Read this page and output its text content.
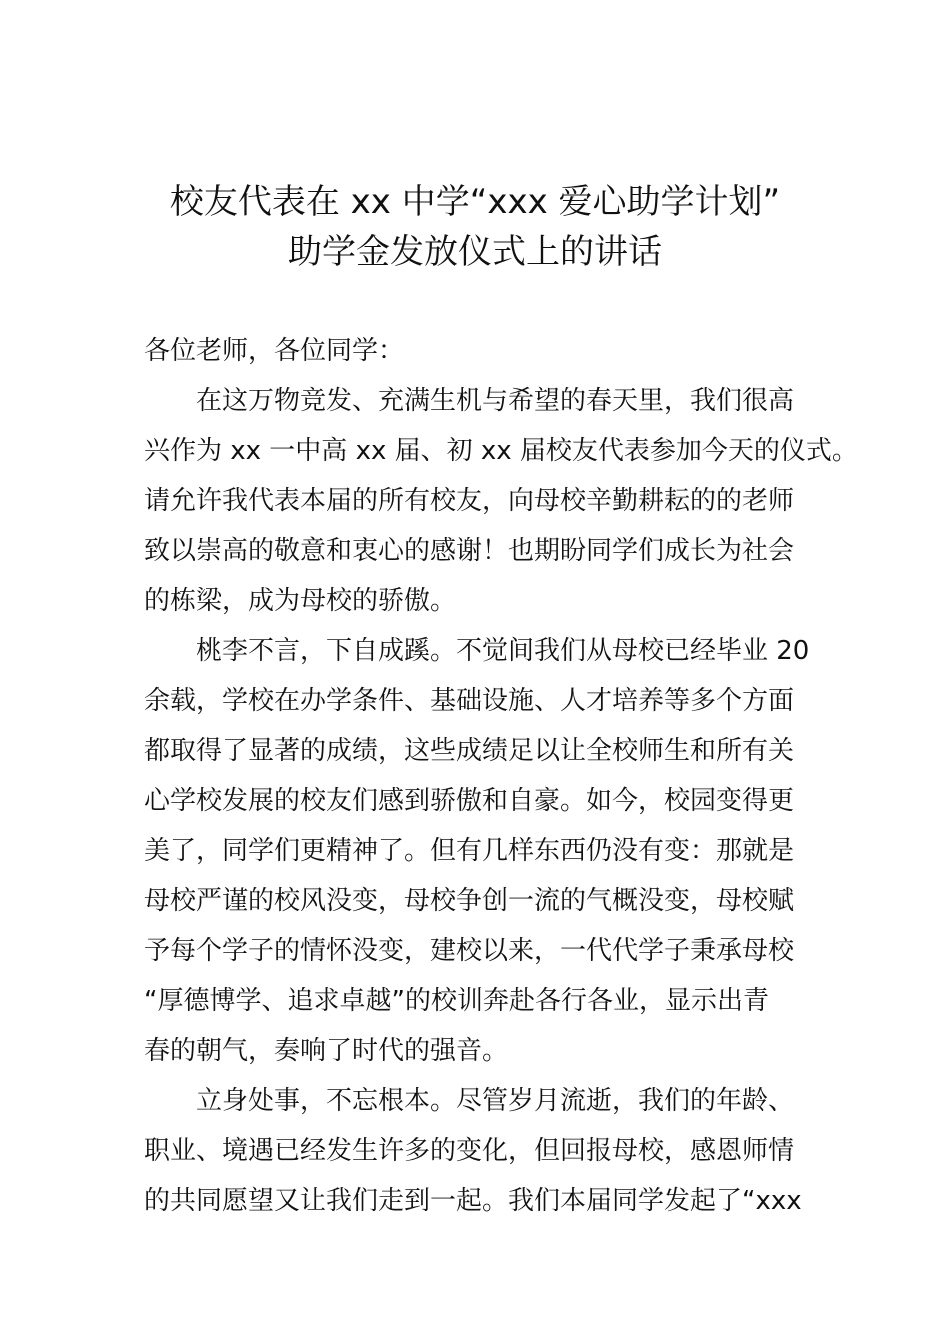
校友代表在 xx 中学“xxx 爱心助学计划”
助学金发放仪式上的讲话
各位老师，各位同学：
在这万物竞发、充满生机与希望的春天里，我们很高
兴作为 xx 一中高 xx 届、初 xx 届校友代表参加今天的仪式。
请允许我代表本届的所有校友，向母校辛勤耕耘的的老师
致以崇高的敬意和衷心的感谢！也期盼同学们成长为社会
的栋梁，成为母校的骄傲。
桃李不言，下自成蹊。不觉间我们从母校已经毕业 20
余载，学校在办学条件、基础设施、人才培养等多个方面
都取得了显著的成绩，这些成绩足以让全校师生和所有关
心学校发展的校友们感到骄傲和自豪。如今，校园变得更
美了，同学们更精神了。但有几样东西仍没有变：那就是
母校严谨的校风没变，母校争创一流的气概没变，母校赋
予每个学子的情怀没变，建校以来，一代代学子秉承母校
“厚德博学、追求卓越”的校训奔赴各行各业，显示出青
春的朝气，奏响了时代的强音。
立身处事，不忘根本。尽管岁月流逝，我们的年龄、
职业、境遇已经发生许多的变化，但回报母校，感恩师情
的共同愿望又让我们走到一起。我们本届同学发起了“xxx
